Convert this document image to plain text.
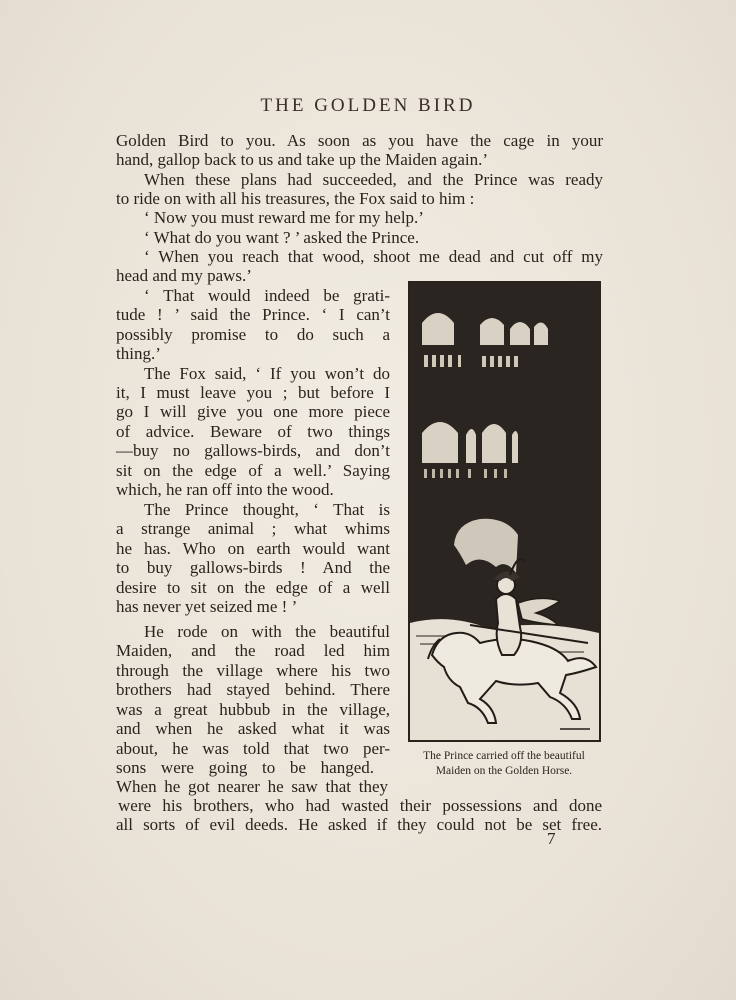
THE GOLDEN BIRD
Golden Bird to you. As soon as you have the cage in your
hand, gallop back to us and take up the Maiden again.’
When these plans had succeeded, and the Prince was ready
to ride on with all his treasures, the Fox said to him :
‘ Now you must reward me for my help.’
‘ What do you want ? ’ asked the Prince.
‘ When you reach that wood, shoot me dead and cut off my
head and my paws.’
‘ That would indeed be grati-
tude ! ’ said the Prince. ‘ I can’t
possibly promise to do such a
thing.’
The Fox said, ‘ If you won’t do
it, I must leave you ; but before I
go I will give you one more piece
of advice. Beware of two things
—buy no gallows-birds, and don’t
sit on the edge of a well.’ Saying
which, he ran off into the wood.
The Prince thought, ‘ That is
a strange animal ; what whims
he has. Who on earth would want
to buy gallows-birds ! And the
desire to sit on the edge of a well
has never yet seized me ! ’
He rode on with the beautiful
Maiden, and the road led him
through the village where his two
brothers had stayed behind. There
was a great hubbub in the village,
and when he asked what it was
about, he was told that two per-
sons were going to be hanged.
When he got nearer he saw that they
were his brothers, who had wasted their possessions and done
all sorts of evil deeds. He asked if they could not be set free.
The Prince carried off the beautiful
Maiden on the Golden Horse.
7
